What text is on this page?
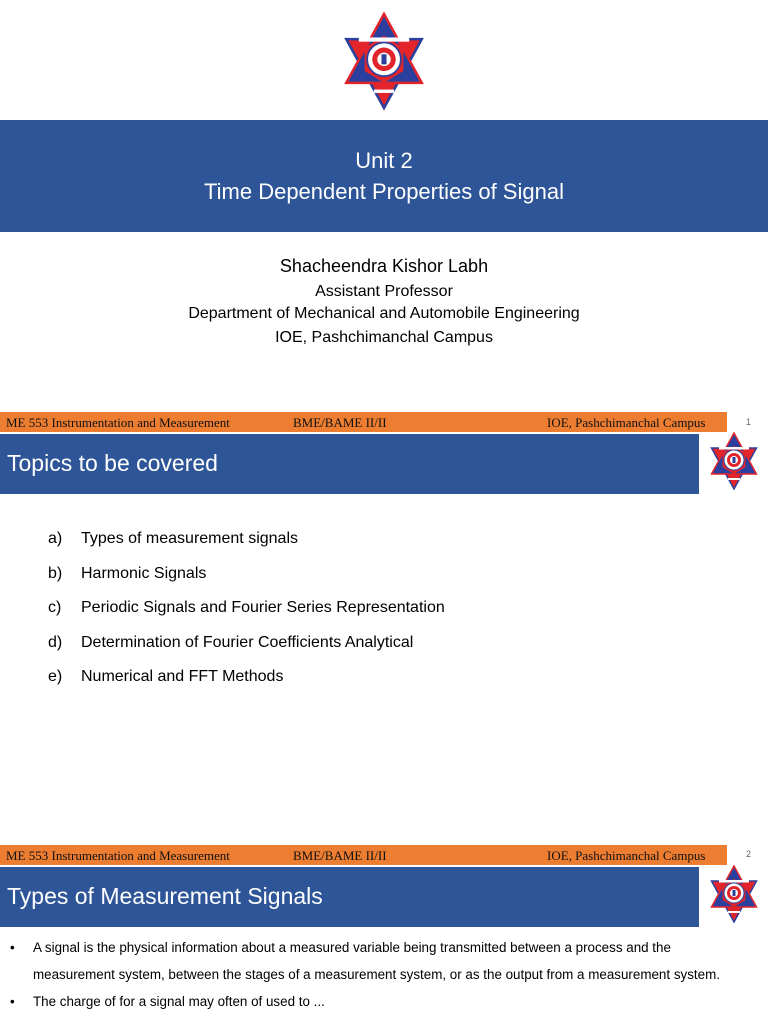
Unit 2
Time Dependent Properties of Signal
Shacheendra Kishor Labh
Assistant Professor
Department of Mechanical and Automobile Engineering
IOE, Pashchimanchal Campus
ME 553 Instrumentation and Measurement	BME/BAME II/II	IOE, Pashchimanchal Campus	1
Topics to be covered
a) Types of measurement signals
b) Harmonic Signals
c) Periodic Signals and Fourier Series Representation
d) Determination of Fourier Coefficients Analytical
e) Numerical and FFT Methods
ME 553 Instrumentation and Measurement	BME/BAME II/II	IOE, Pashchimanchal Campus	2
Types of Measurement Signals
• A signal is the physical information about a measured variable being transmitted between a process and the measurement system, between the stages of a measurement system, or as the output from a measurement system.
• The charge of for a signal may often of used to ...
